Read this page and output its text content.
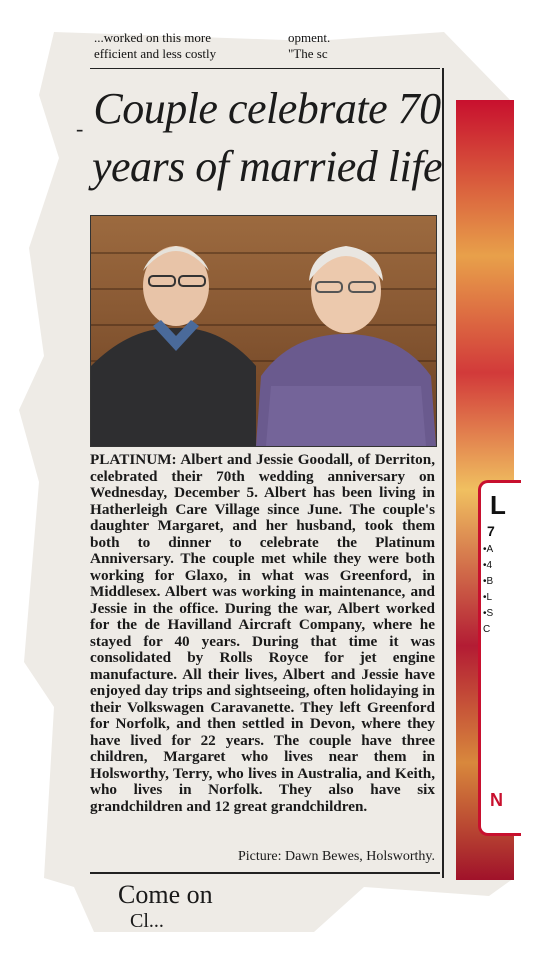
...worked on this more
efficient and less costly
opment.
"The sc
- Couple celebrate 70 years of married life
PLATINUM: Albert and Jessie Goodall, of Derriton, celebrated their 70th wedding anniversary on Wednesday, December 5. Albert has been living in Hatherleigh Care Village since June. The couple's daughter Margaret, and her husband, took them both to dinner to celebrate the Platinum Anniversary. The couple met while they were both working for Glaxo, in what was Greenford, in Middlesex. Albert was working in maintenance, and Jessie in the office. During the war, Albert worked for the de Havilland Aircraft Company, where he stayed for 40 years. During that time it was consolidated by Rolls Royce for jet engine manufacture. All their lives, Albert and Jessie have enjoyed day trips and sightseeing, often holidaying in their Volkswagen Caravanette. They left Greenford for Norfolk, and then settled in Devon, where they have lived for 22 years. The couple have three children, Margaret who lives near them in Holsworthy, Terry, who lives in Australia, and Keith, who lives in Norfolk. They also have six grandchildren and 12 great grandchildren.
Picture: Dawn Bewes, Holsworthy.
Come on
Cl...
L
7
•A
•4
•B
•L
•S
C
N
